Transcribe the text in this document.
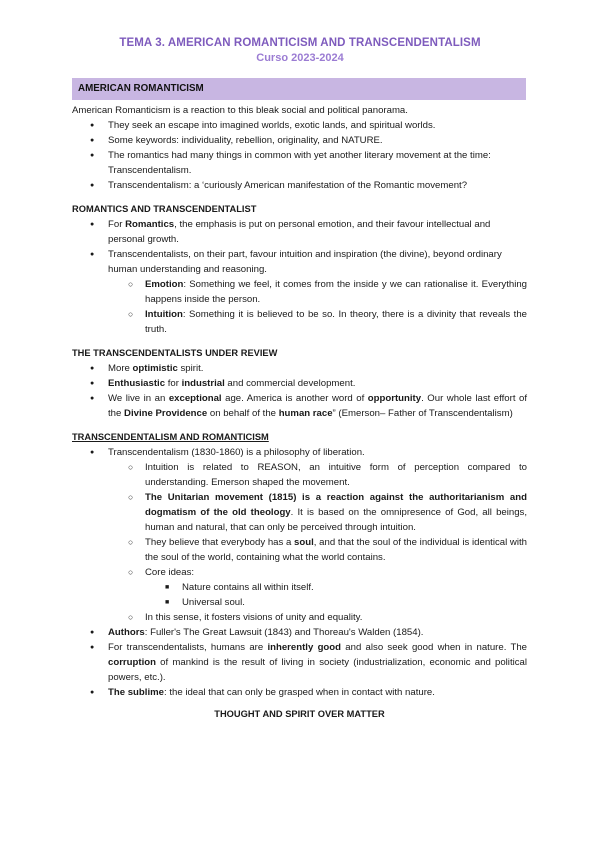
TEMA 3. AMERICAN ROMANTICISM AND TRANSCENDENTALISM
Curso 2023-2024
AMERICAN ROMANTICISM

American Romanticism is a reaction to this bleak social and political panorama.

● They seek an escape into imagined worlds, exotic lands, and spiritual worlds.
● Some keywords: individuality, rebellion, originality, and NATURE.
● The romantics had many things in common with yet another literary movement at the time: Transcendentalism.
● Transcendentalism: a ‘curiously American manifestation of the Romantic movement?

ROMANTICS AND TRANSCENDENTALIST

● For Romantics, the emphasis is put on personal emotion, and their favour intellectual and personal growth.
● Transcendentalists, on their part, favour intuition and inspiration (the divine), beyond ordinary human understanding and reasoning.
○ Emotion: Something we feel, it comes from the inside y we can rationalise it. Everything happens inside the person.
○ Intuition: Something it is believed to be so. In theory, there is a divinity that reveals the truth.

THE TRANSCENDENTALISTS UNDER REVIEW

● More optimistic spirit.
● Enthusiastic for industrial and commercial development.
● We live in an exceptional age. America is another word of opportunity. Our whole last effort of the Divine Providence on behalf of the human race” (Emerson– Father of Transcendentalism)

TRANSCENDENTALISM AND ROMANTICISM

● Transcendentalism (1830-1860) is a philosophy of liberation.
○ Intuition is related to REASON, an intuitive form of perception compared to understanding. Emerson shaped the movement.
○ The Unitarian movement (1815) is a reaction against the authoritarianism and dogmatism of the old theology. It is based on the omnipresence of God, all beings, human and natural, that can only be perceived through intuition.
○ They believe that everybody has a soul, and that the soul of the individual is identical with the soul of the world, containing what the world contains.
○ Core ideas:
■ Nature contains all within itself.
■ Universal soul.
○ In this sense, it fosters visions of unity and equality.
● Authors: Fuller's The Great Lawsuit (1843) and Thoreau's Walden (1854).
● For transcendentalists, humans are inherently good and also seek good when in nature. The corruption of mankind is the result of living in society (industrialization, economic and political powers, etc.).
● The sublime: the ideal that can only be grasped when in contact with nature.

THOUGHT AND SPIRIT OVER MATTER
